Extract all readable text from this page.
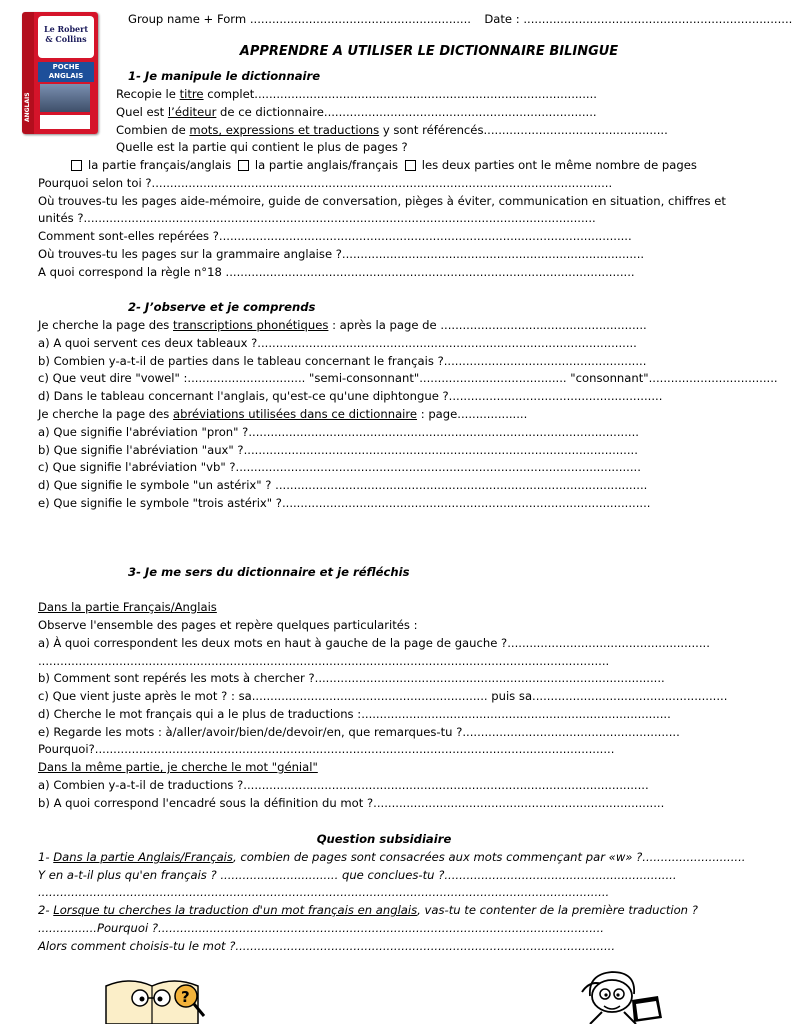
Group name + Form ............................................................ Date : .........................................................................
ANGLAIS
Le Robert
& Collins
POCHE
ANGLAIS
APPRENDRE A UTILISER LE DICTIONNAIRE BILINGUE
1- Je manipule le dictionnaire
Recopie le titre complet.............................................................................................
Quel est l’éditeur de ce dictionnaire..........................................................................
Combien de mots, expressions et traductions y sont référencés..................................................
Quelle est la partie qui contient le plus de pages ?
la partie français/anglais la partie anglais/français les deux parties ont le même nombre de pages
Pourquoi selon toi ?.............................................................................................................................
Où trouves-tu les pages aide-mémoire, guide de conversation, pièges à éviter, communication en situation, chiffres et
unités ?...........................................................................................................................................
Comment sont-elles repérées ?................................................................................................................
Où trouves-tu les pages sur la grammaire anglaise ?..................................................................................
A quoi correspond la règle n°18 ...............................................................................................................
2- J’observe et je comprends
Je cherche la page des transcriptions phonétiques : après la page de ........................................................
a) A quoi servent ces deux tableaux ?.......................................................................................................
b) Combien y-a-t-il de parties dans le tableau concernant le français ?.......................................................
c) Que veut dire "vowel" :................................ "semi-consonnant"........................................ "consonnant"...................................
d) Dans le tableau concernant l'anglais, qu'est-ce qu'une diphtongue ?..........................................................
Je cherche la page des abréviations utilisées dans ce dictionnaire : page...................
a) Que signifie l'abréviation "pron" ?..........................................................................................................
b) Que signifie l'abréviation "aux" ?...........................................................................................................
c) Que signifie l'abréviation "vb" ?..............................................................................................................
d) Que signifie le symbole "un astérix" ? .....................................................................................................
e) Que signifie le symbole "trois astérix" ?....................................................................................................
3- Je me sers du dictionnaire et je réfléchis
Dans la partie Français/Anglais
Observe l'ensemble des pages et repère quelques particularités :
a) À quoi correspondent les deux mots en haut à gauche de la page de gauche ?.......................................................
...........................................................................................................................................................
b) Comment sont repérés les mots à chercher ?...............................................................................................
c) Que vient juste après le mot ? : sa................................................................ puis sa.....................................................
d) Cherche le mot français qui a le plus de traductions :....................................................................................
e) Regarde les mots : à/aller/avoir/bien/de/devoir/en, que remarques-tu ?...........................................................
Pourquoi?.............................................................................................................................................
Dans la même partie, je cherche le mot "génial"
a) Combien y-a-t-il de traductions ?..............................................................................................................
b) A quoi correspond l'encadré sous la définition du mot ?...............................................................................
Question subsidiaire
1- Dans la partie Anglais/Français, combien de pages sont consacrées aux mots commençant par «w» ?............................
Y en a-t-il plus qu'en français ? ................................ que conclues-tu ?...............................................................
...........................................................................................................................................................
2- Lorsque tu cherches la traduction d'un mot français en anglais, vas-tu te contenter de la première traduction ?
................Pourquoi ?.........................................................................................................................
Alors comment choisis-tu le mot ?.......................................................................................................
?
